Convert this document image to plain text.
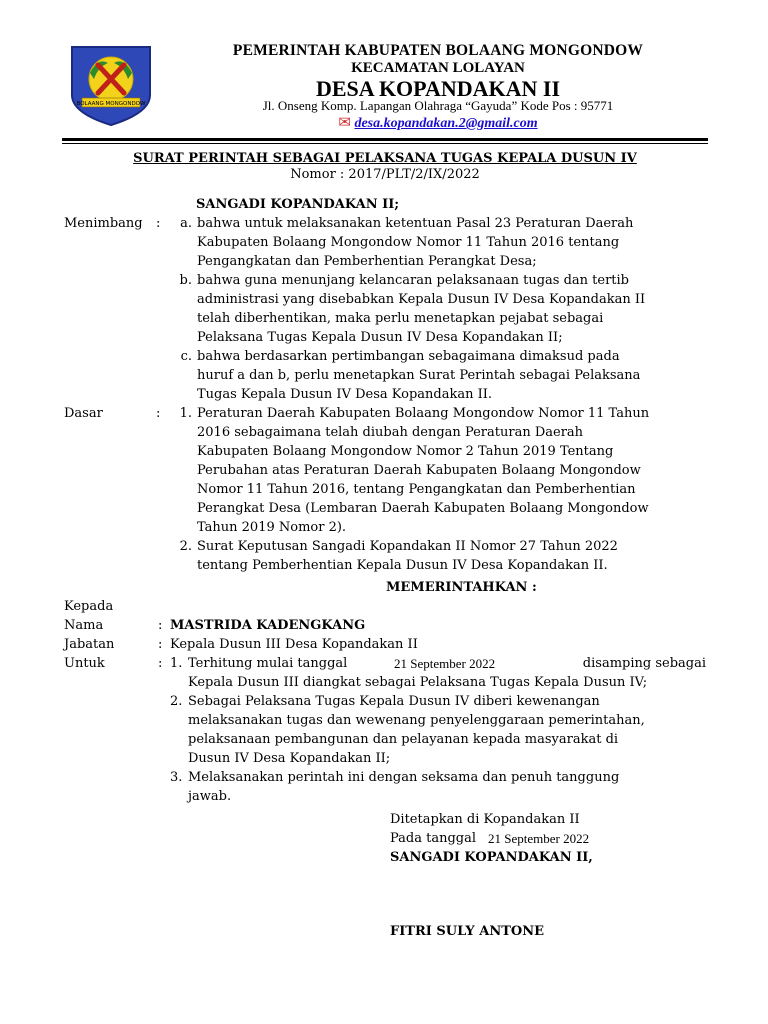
BOLAANG MONGONDOW
PEMERINTAH KABUPATEN BOLAANG MONGONDOW
KECAMATAN LOLAYAN
DESA KOPANDAKAN II
Jl. Onseng Komp. Lapangan Olahraga “Gayuda” Kode Pos : 95771
✉ desa.kopandakan.2@gmail.com
SURAT PERINTAH SEBAGAI PELAKSANA TUGAS KEPALA DUSUN IV
Nomor : 2017/PLT/2/IX/2022
SANGADI KOPANDAKAN II;
Menimbang :	a. bahwa untuk melaksanakan ketentuan Pasal 23 Peraturan Daerah
Kabupaten Bolaang Mongondow Nomor 11 Tahun 2016 tentang
Pengangkatan dan Pemberhentian Perangkat Desa;
b. bahwa guna menunjang kelancaran pelaksanaan tugas dan tertib
administrasi yang disebabkan Kepala Dusun IV Desa Kopandakan II
telah diberhentikan, maka perlu menetapkan pejabat sebagai
Pelaksana Tugas Kepala Dusun IV Desa Kopandakan II;
c. bahwa berdasarkan pertimbangan sebagaimana dimaksud pada
huruf a dan b, perlu menetapkan Surat Perintah sebagai Pelaksana
Tugas Kepala Dusun IV Desa Kopandakan II.
Dasar	:	1. Peraturan Daerah Kabupaten Bolaang Mongondow Nomor 11 Tahun
2016 sebagaimana telah diubah dengan Peraturan Daerah
Kabupaten Bolaang Mongondow Nomor 2 Tahun 2019 Tentang
Perubahan atas Peraturan Daerah Kabupaten Bolaang Mongondow
Nomor 11 Tahun 2016, tentang Pengangkatan dan Pemberhentian
Perangkat Desa (Lembaran Daerah Kabupaten Bolaang Mongondow
Tahun 2019 Nomor 2).
2. Surat Keputusan Sangadi Kopandakan II Nomor 27 Tahun 2022
tentang Pemberhentian Kepala Dusun IV Desa Kopandakan II.
MEMERINTAHKAN :
Kepada
Nama	: MASTRIDA KADENGKANG
Jabatan	: Kepala Dusun III Desa Kopandakan II
Untuk	: 1. Terhitung mulai tanggal	21 September 2022	disamping sebagai
Kepala Dusun III diangkat sebagai Pelaksana Tugas Kepala Dusun IV;
2. Sebagai Pelaksana Tugas Kepala Dusun IV diberi kewenangan
melaksanakan tugas dan wewenang penyelenggaraan pemerintahan,
pelaksanaan pembangunan dan pelayanan kepada masyarakat di
Dusun IV Desa Kopandakan II;
3. Melaksanakan perintah ini dengan seksama dan penuh tanggung
jawab.
Ditetapkan di Kopandakan II
Pada tanggal 21 September 2022
SANGADI KOPANDAKAN II,
FITRI SULY ANTONE
